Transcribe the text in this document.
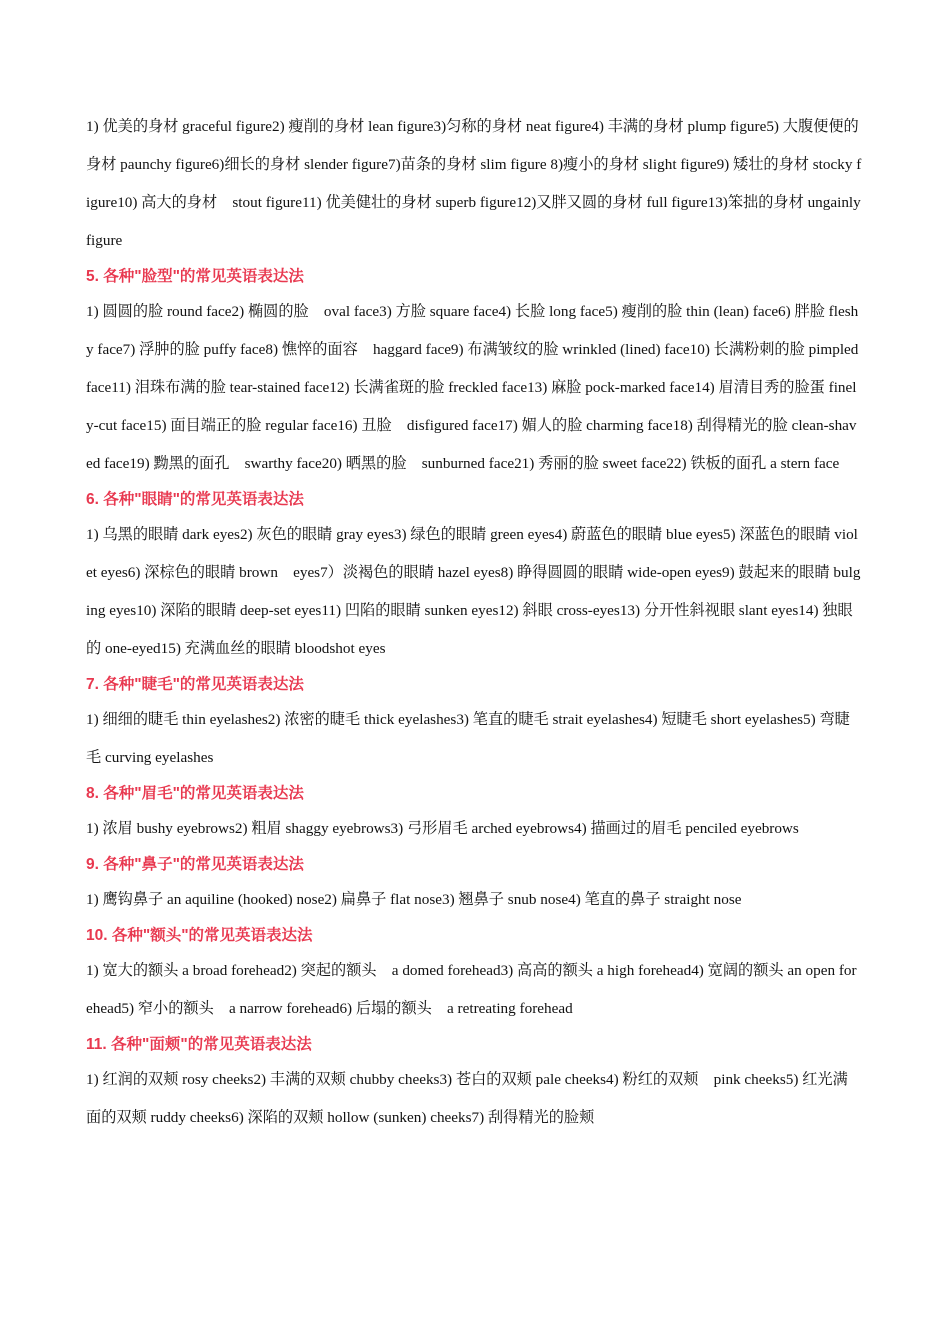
1) 优美的身材 graceful figure2) 瘦削的身材 lean figure3)匀称的身材 neat figure4) 丰满的身材 plump figure5) 大腹便便的身材 paunchy figure6)细长的身材 slender figure7)苗条的身材 slim figure 8)瘦小的身材 slight figure9) 矮壮的身材 stocky figure10) 高大的身材　stout figure11) 优美健壮的身材 superb figure12)又胖又圆的身材 full figure13)笨拙的身材 ungainly figure

5. 各种"脸型"的常见英语表达法

1) 圆圆的脸 round face2) 椭圆的脸　oval face3) 方脸 square face4) 长脸 long face5) 瘦削的脸 thin (lean) face6) 胖脸 fleshy face7) 浮肿的脸 puffy face8) 憔悴的面容　haggard face9) 布满皱纹的脸 wrinkled (lined) face10) 长满粉刺的脸 pimpled face11) 泪珠布满的脸 tear-stained face12) 长满雀斑的脸 freckled face13) 麻脸 pock-marked face14) 眉清目秀的脸蛋 finely-cut face15) 面目端正的脸 regular face16) 丑脸　disfigured face17) 媚人的脸 charming face18) 刮得精光的脸 clean-shaved face19) 黝黑的面孔　swarthy face20) 晒黑的脸　sunburned face21) 秀丽的脸 sweet face22) 铁板的面孔 a stern face

6. 各种"眼睛"的常见英语表达法

1) 乌黑的眼睛 dark eyes2) 灰色的眼睛 gray eyes3) 绿色的眼睛 green eyes4) 蔚蓝色的眼睛 blue eyes5) 深蓝色的眼睛 violet eyes6) 深棕色的眼睛 brown　eyes7）淡褐色的眼睛 hazel eyes8) 睁得圆圆的眼睛 wide-open eyes9) 鼓起来的眼睛 bulging eyes10) 深陷的眼睛 deep-set eyes11) 凹陷的眼睛 sunken eyes12) 斜眼 cross-eyes13) 分开性斜视眼 slant eyes14) 独眼的 one-eyed15) 充满血丝的眼睛 bloodshot eyes

7. 各种"睫毛"的常见英语表达法

1) 细细的睫毛 thin eyelashes2) 浓密的睫毛 thick eyelashes3) 笔直的睫毛 strait eyelashes4) 短睫毛 short eyelashes5) 弯睫毛 curving eyelashes

8. 各种"眉毛"的常见英语表达法

1) 浓眉 bushy eyebrows2) 粗眉 shaggy eyebrows3) 弓形眉毛 arched eyebrows4) 描画过的眉毛 penciled eyebrows

9. 各种"鼻子"的常见英语表达法

1) 鹰钩鼻子 an aquiline (hooked) nose2) 扁鼻子 flat nose3) 翘鼻子 snub nose4) 笔直的鼻子 straight nose

10. 各种"额头"的常见英语表达法

1) 宽大的额头 a broad forehead2) 突起的额头　a domed forehead3) 高高的额头 a high forehead4) 宽阔的额头 an open forehead5) 窄小的额头　a narrow forehead6) 后塌的额头　a retreating forehead

11. 各种"面颊"的常见英语表达法

1) 红润的双颊 rosy cheeks2) 丰满的双颊 chubby cheeks3) 苍白的双颊 pale cheeks4) 粉红的双颊　pink cheeks5) 红光满面的双颊 ruddy cheeks6) 深陷的双颊 hollow (sunken) cheeks7) 刮得精光的脸颊
